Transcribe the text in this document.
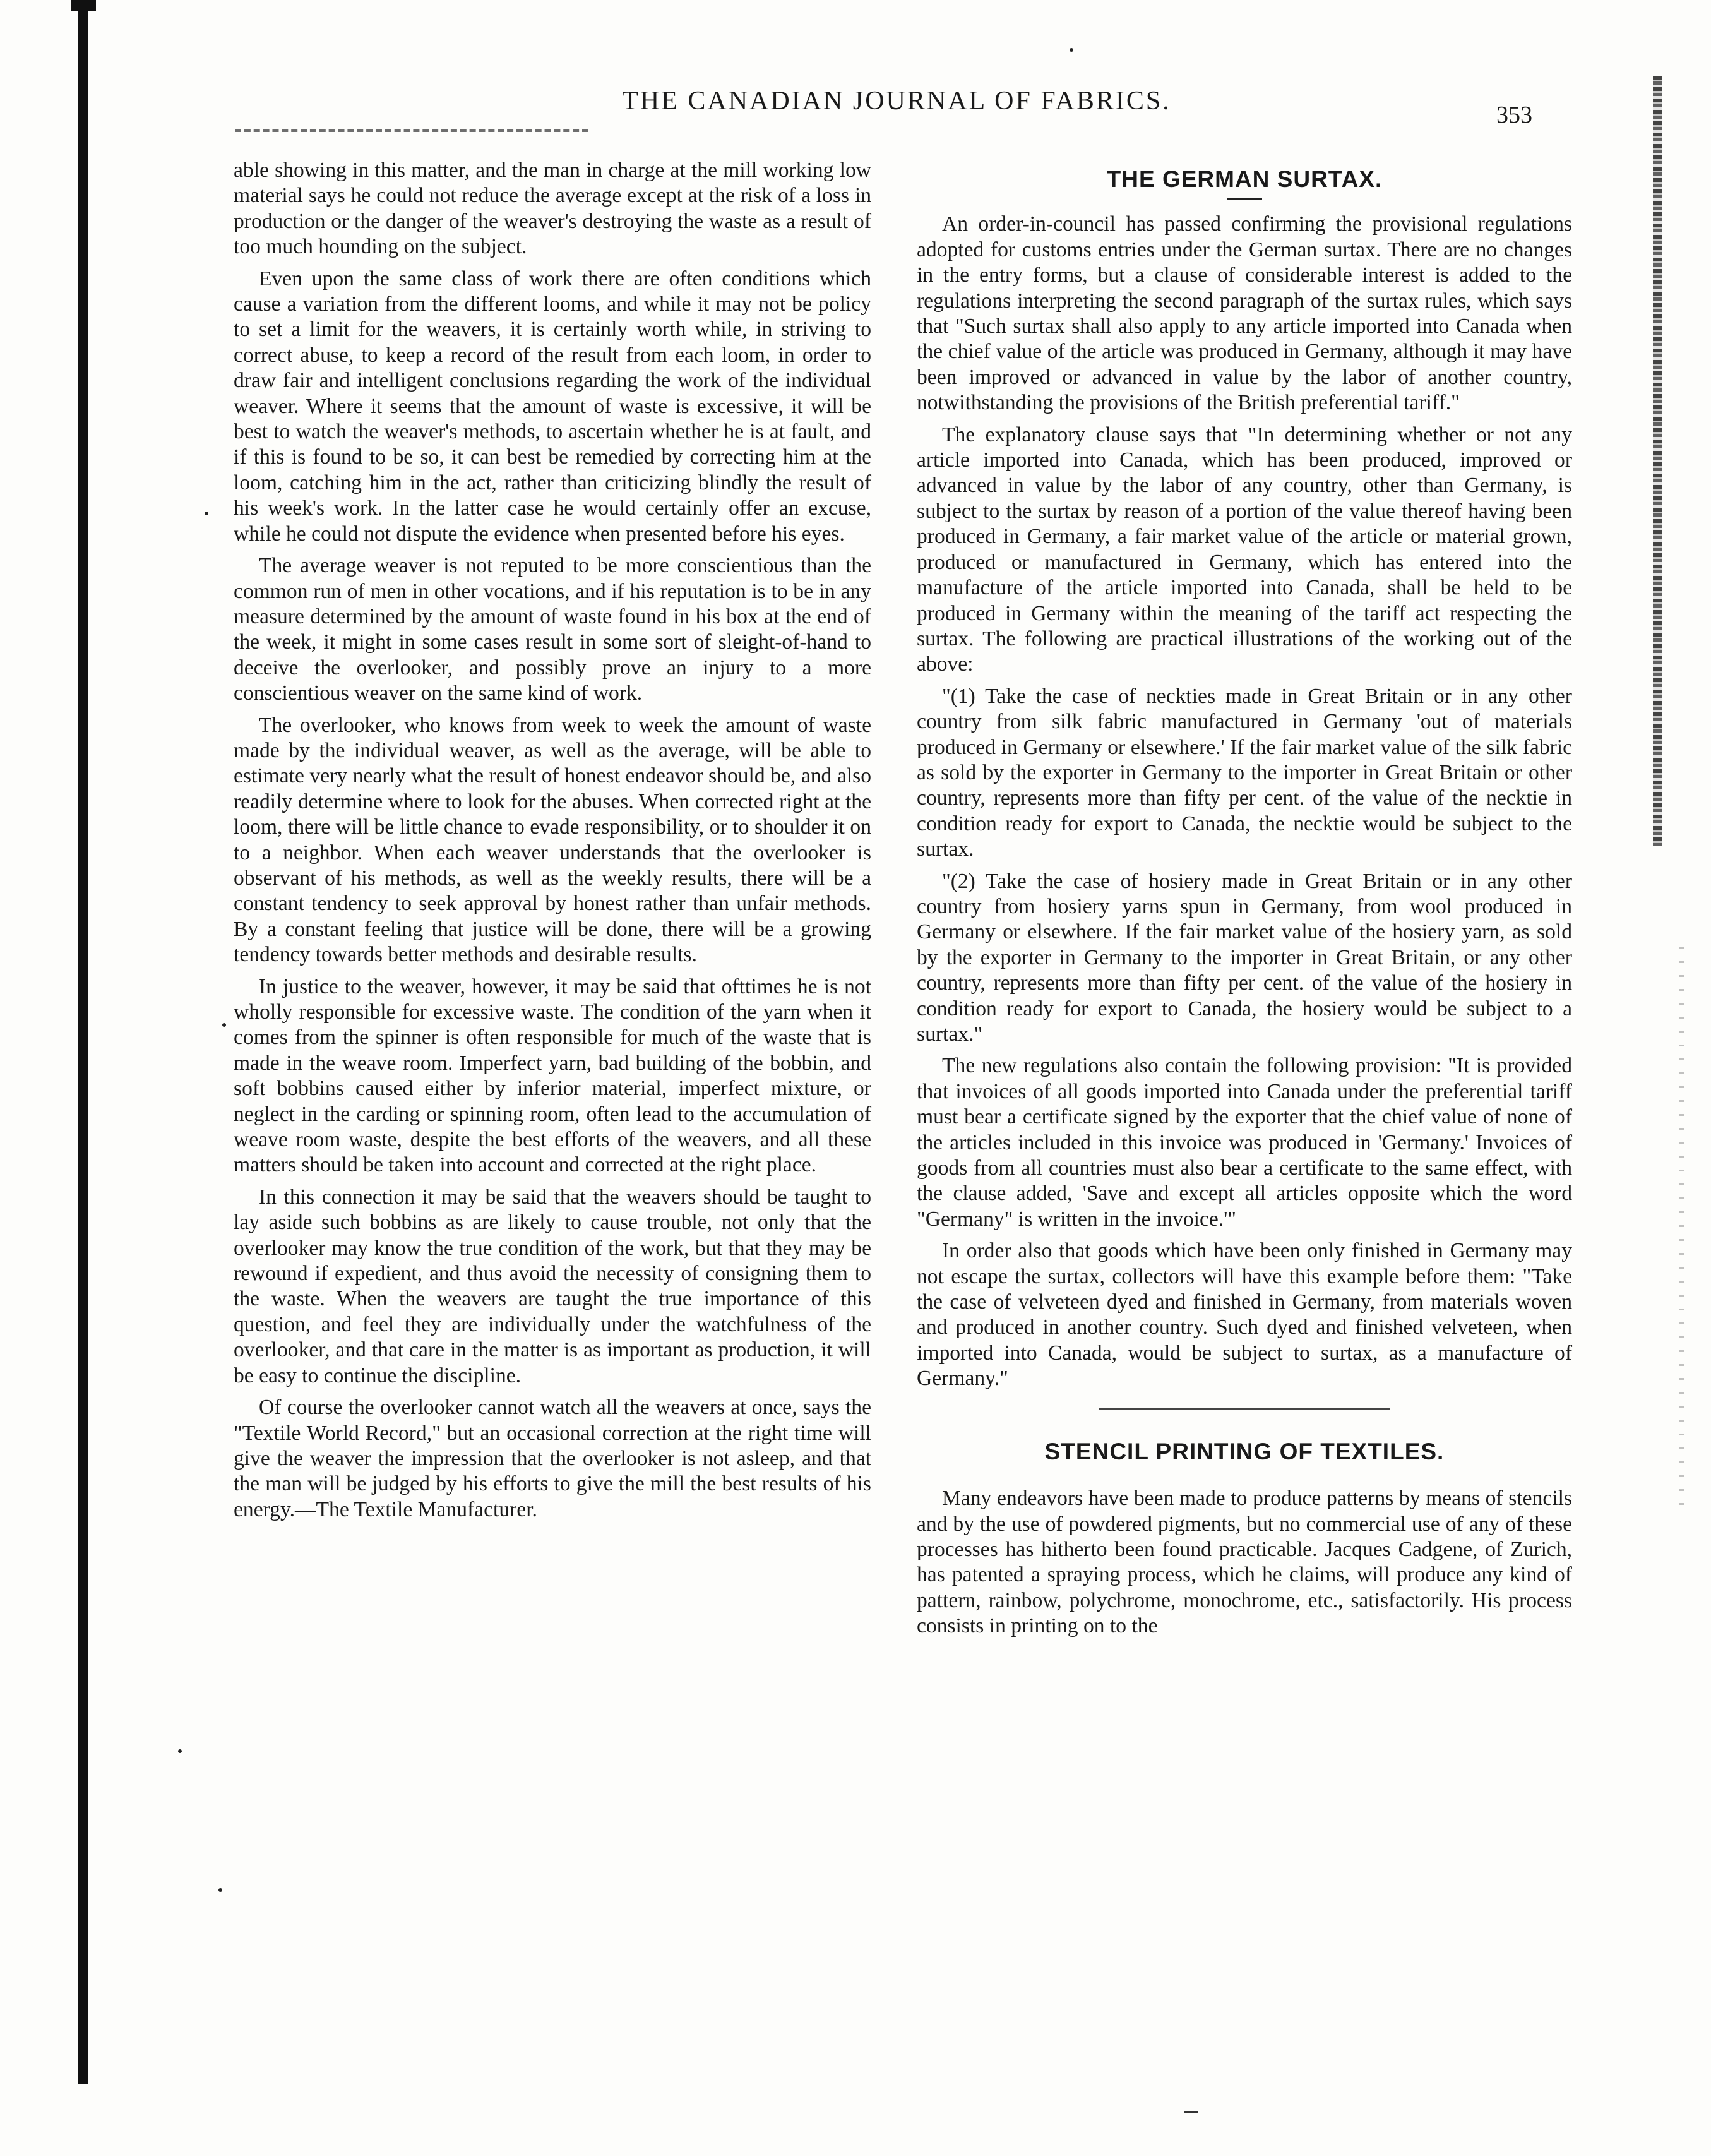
THE CANADIAN JOURNAL OF FABRICS.	353

able showing in this matter, and the man in charge at the mill working low material says he could not reduce the average except at the risk of a loss in production or the danger of the weaver's destroying the waste as a result of too much hounding on the subject.

Even upon the same class of work there are often conditions which cause a variation from the different looms, and while it may not be policy to set a limit for the weavers, it is certainly worth while, in striving to correct abuse, to keep a record of the result from each loom, in order to draw fair and intelligent conclusions regarding the work of the individual weaver. Where it seems that the amount of waste is excessive, it will be best to watch the weaver's methods, to ascertain whether he is at fault, and if this is found to be so, it can best be remedied by correcting him at the loom, catching him in the act, rather than criticizing blindly the result of his week's work. In the latter case he would certainly offer an excuse, while he could not dispute the evidence when presented before his eyes.

The average weaver is not reputed to be more conscientious than the common run of men in other vocations, and if his reputation is to be in any measure determined by the amount of waste found in his box at the end of the week, it might in some cases result in some sort of sleight-of-hand to deceive the overlooker, and possibly prove an injury to a more conscientious weaver on the same kind of work.

The overlooker, who knows from week to week the amount of waste made by the individual weaver, as well as the average, will be able to estimate very nearly what the result of honest endeavor should be, and also readily determine where to look for the abuses. When corrected right at the loom, there will be little chance to evade responsibility, or to shoulder it on to a neighbor. When each weaver understands that the overlooker is observant of his methods, as well as the weekly results, there will be a constant tendency to seek approval by honest rather than unfair methods. By a constant feeling that justice will be done, there will be a growing tendency towards better methods and desirable results.

In justice to the weaver, however, it may be said that ofttimes he is not wholly responsible for excessive waste. The condition of the yarn when it comes from the spinner is often responsible for much of the waste that is made in the weave room. Imperfect yarn, bad building of the bobbin, and soft bobbins caused either by inferior material, imperfect mixture, or neglect in the carding or spinning room, often lead to the accumulation of weave room waste, despite the best efforts of the weavers, and all these matters should be taken into account and corrected at the right place.

In this connection it may be said that the weavers should be taught to lay aside such bobbins as are likely to cause trouble, not only that the overlooker may know the true condition of the work, but that they may be rewound if expedient, and thus avoid the necessity of consigning them to the waste. When the weavers are taught the true importance of this question, and feel they are individually under the watchfulness of the overlooker, and that care in the matter is as important as production, it will be easy to continue the discipline.

Of course the overlooker cannot watch all the weavers at once, says the "Textile World Record," but an occasional correction at the right time will give the weaver the impression that the overlooker is not asleep, and that the man will be judged by his efforts to give the mill the best results of his energy.—The Textile Manufacturer.

THE GERMAN SURTAX.

An order-in-council has passed confirming the provisional regulations adopted for customs entries under the German surtax. There are no changes in the entry forms, but a clause of considerable interest is added to the regulations interpreting the second paragraph of the surtax rules, which says that "Such surtax shall also apply to any article imported into Canada when the chief value of the article was produced in Germany, although it may have been improved or advanced in value by the labor of another country, notwithstanding the provisions of the British preferential tariff."

The explanatory clause says that "In determining whether or not any article imported into Canada, which has been produced, improved or advanced in value by the labor of any country, other than Germany, is subject to the surtax by reason of a portion of the value thereof having been produced in Germany, a fair market value of the article or material grown, produced or manufactured in Germany, which has entered into the manufacture of the article imported into Canada, shall be held to be produced in Germany within the meaning of the tariff act respecting the surtax. The following are practical illustrations of the working out of the above:

"(1) Take the case of neckties made in Great Britain or in any other country from silk fabric manufactured in Germany 'out of materials produced in Germany or elsewhere.' If the fair market value of the silk fabric as sold by the exporter in Germany to the importer in Great Britain or other country, represents more than fifty per cent. of the value of the necktie in condition ready for export to Canada, the necktie would be subject to the surtax.

"(2) Take the case of hosiery made in Great Britain or in any other country from hosiery yarns spun in Germany, from wool produced in Germany or elsewhere. If the fair market value of the hosiery yarn, as sold by the exporter in Germany to the importer in Great Britain, or any other country, represents more than fifty per cent. of the value of the hosiery in condition ready for export to Canada, the hosiery would be subject to a surtax."

The new regulations also contain the following provision: "It is provided that invoices of all goods imported into Canada under the preferential tariff must bear a certificate signed by the exporter that the chief value of none of the articles included in this invoice was produced in 'Germany.' Invoices of goods from all countries must also bear a certificate to the same effect, with the clause added, 'Save and except all articles opposite which the word "Germany" is written in the invoice.'"

In order also that goods which have been only finished in Germany may not escape the surtax, collectors will have this example before them: "Take the case of velveteen dyed and finished in Germany, from materials woven and produced in another country. Such dyed and finished velveteen, when imported into Canada, would be subject to surtax, as a manufacture of Germany."

STENCIL PRINTING OF TEXTILES.

Many endeavors have been made to produce patterns by means of stencils and by the use of powdered pigments, but no commercial use of any of these processes has hitherto been found practicable. Jacques Cadgene, of Zurich, has patented a spraying process, which he claims, will produce any kind of pattern, rainbow, polychrome, monochrome, etc., satisfactorily. His process consists in printing on to the
